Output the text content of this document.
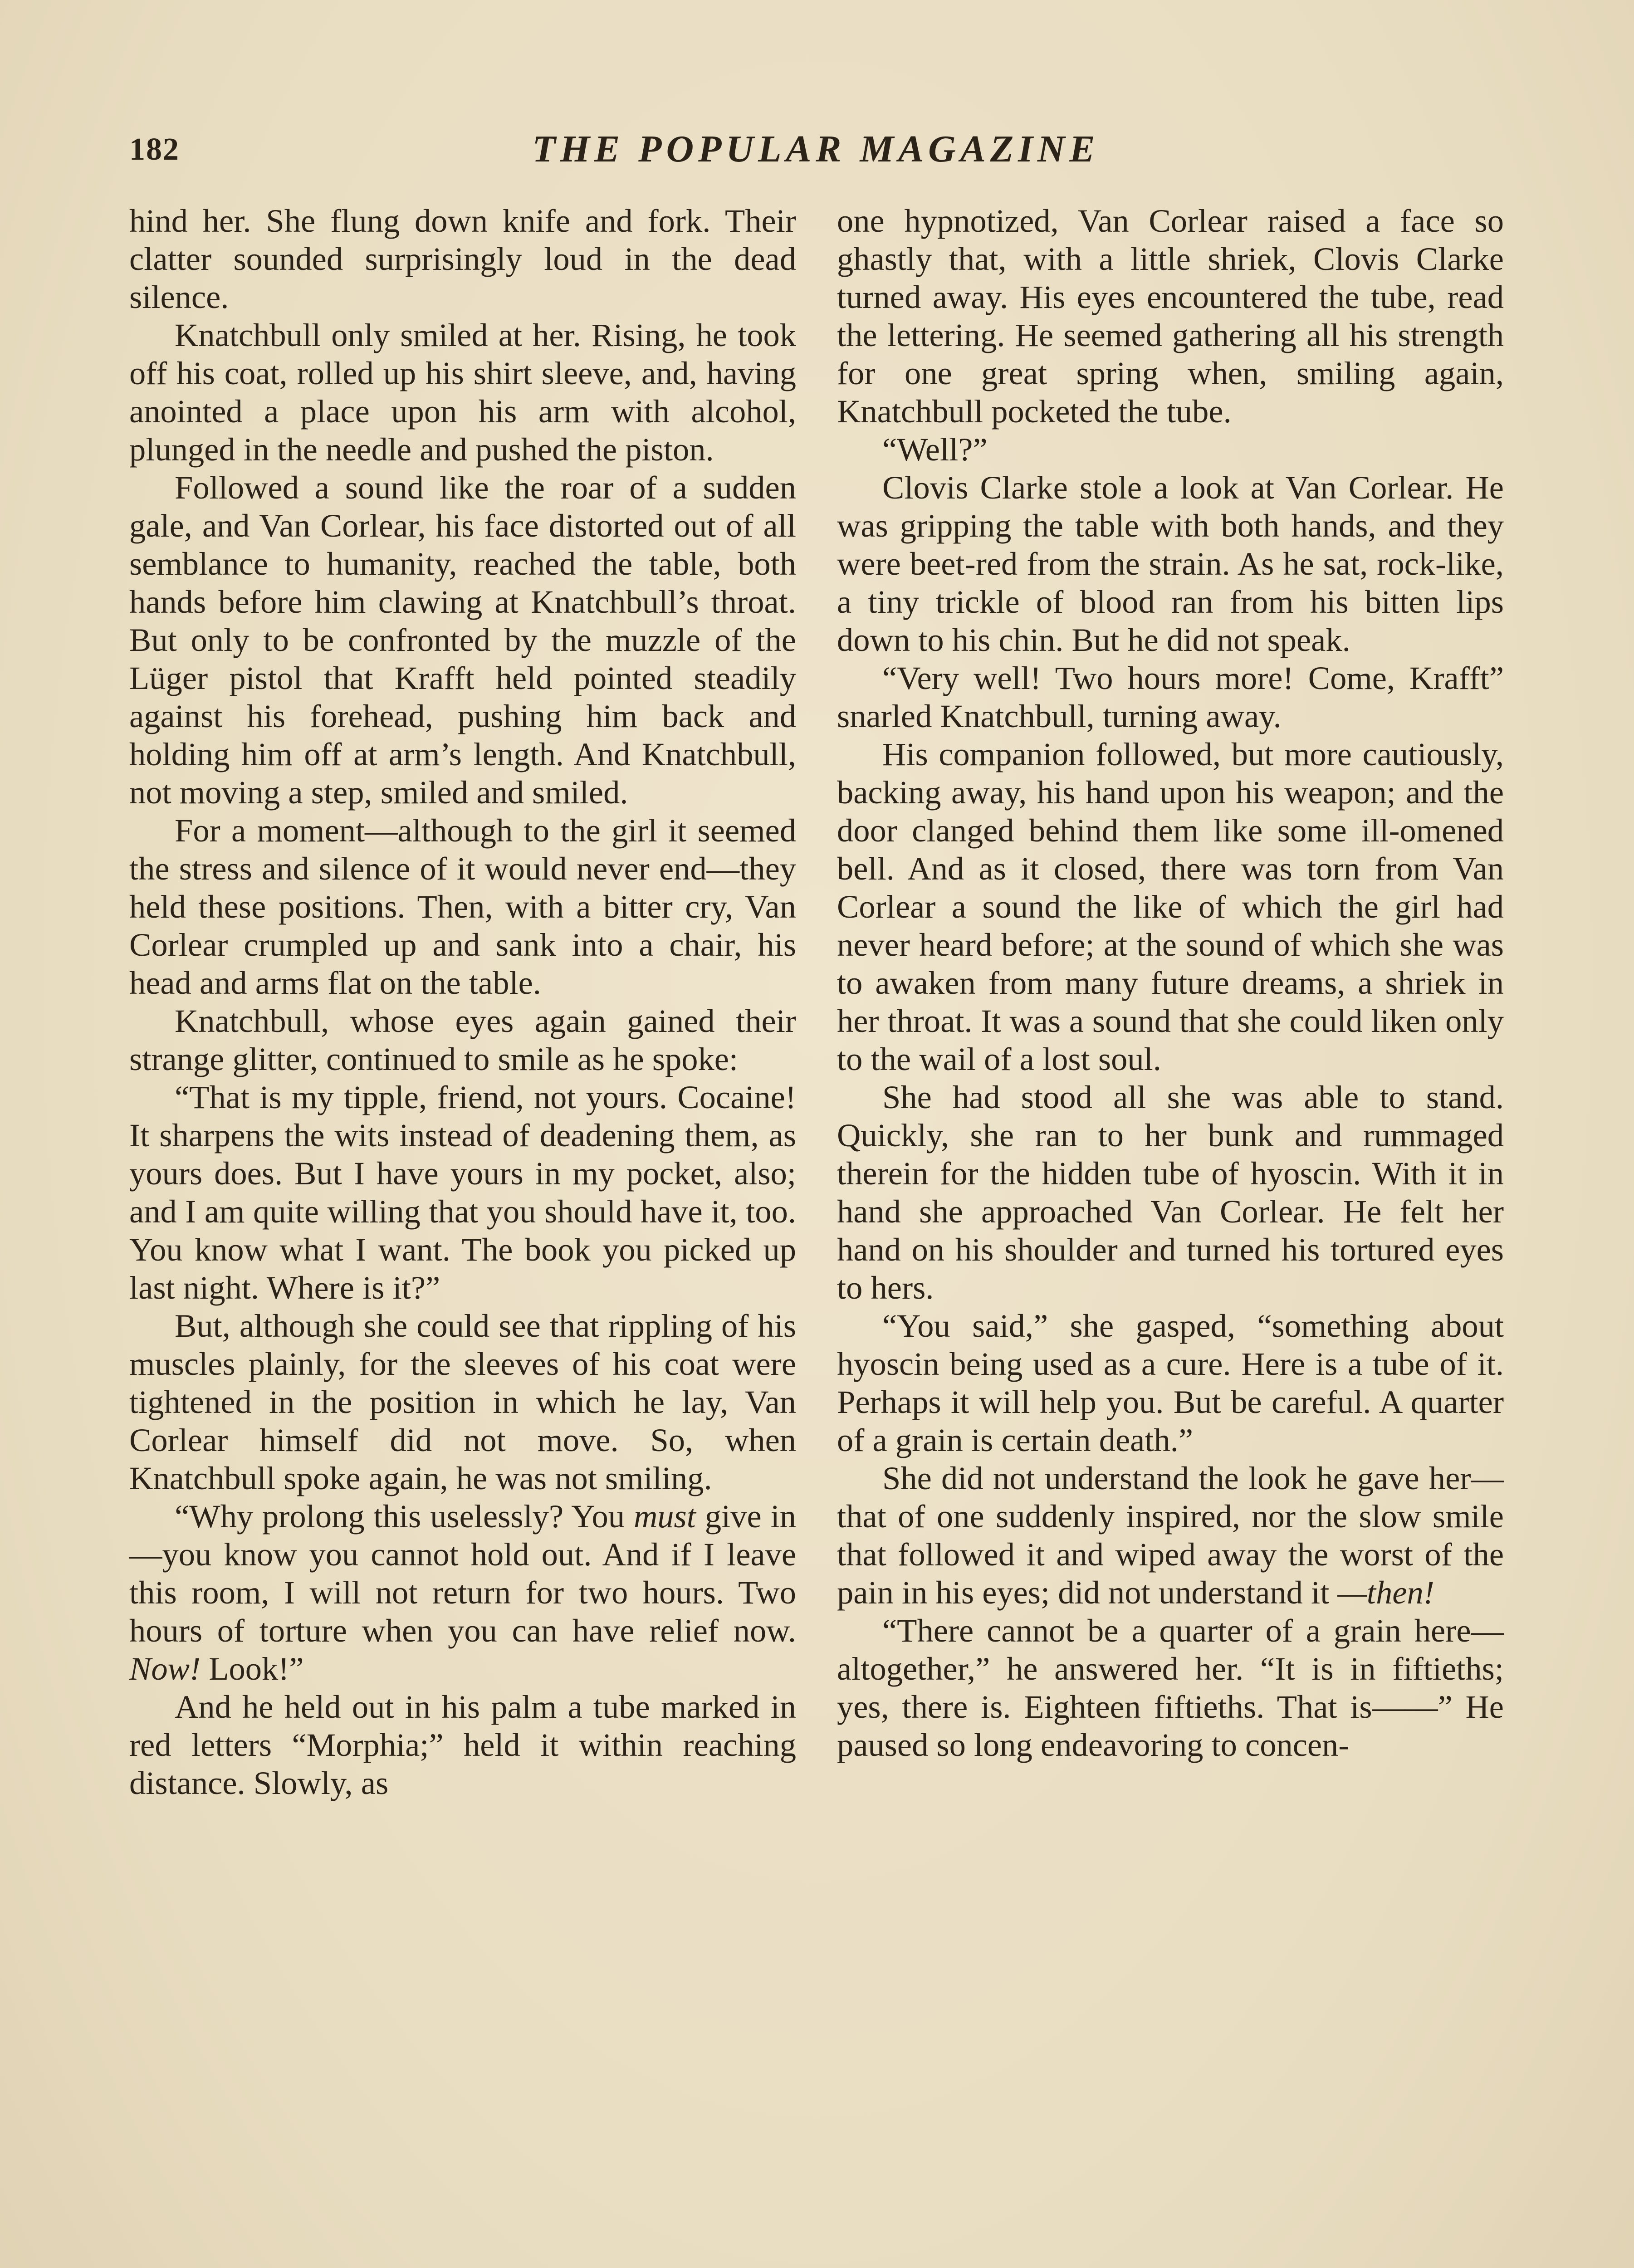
182	THE POPULAR MAGAZINE

hind her. She flung down knife and fork. Their clatter sounded surprisingly loud in the dead silence.

Knatchbull only smiled at her. Rising, he took off his coat, rolled up his shirt sleeve, and, having anointed a place upon his arm with alcohol, plunged in the needle and pushed the piston.

Followed a sound like the roar of a sudden gale, and Van Corlear, his face distorted out of all semblance to humanity, reached the table, both hands before him clawing at Knatchbull’s throat. But only to be confronted by the muzzle of the Lüger pistol that Krafft held pointed steadily against his forehead, pushing him back and holding him off at arm’s length. And Knatchbull, not moving a step, smiled and smiled.

For a moment—although to the girl it seemed the stress and silence of it would never end—they held these positions. Then, with a bitter cry, Van Corlear crumpled up and sank into a chair, his head and arms flat on the table.

Knatchbull, whose eyes again gained their strange glitter, continued to smile as he spoke:

“That is my tipple, friend, not yours. Cocaine! It sharpens the wits instead of deadening them, as yours does. But I have yours in my pocket, also; and I am quite willing that you should have it, too. You know what I want. The book you picked up last night. Where is it?”

But, although she could see that rippling of his muscles plainly, for the sleeves of his coat were tightened in the position in which he lay, Van Corlear himself did not move. So, when Knatchbull spoke again, he was not smiling.

“Why prolong this uselessly? You must give in—you know you cannot hold out. And if I leave this room, I will not return for two hours. Two hours of torture when you can have relief now. Now! Look!”

And he held out in his palm a tube marked in red letters “Morphia;” held it within reaching distance. Slowly, as

one hypnotized, Van Corlear raised a face so ghastly that, with a little shriek, Clovis Clarke turned away. His eyes encountered the tube, read the lettering. He seemed gathering all his strength for one great spring when, smiling again, Knatchbull pocketed the tube.

“Well?”

Clovis Clarke stole a look at Van Corlear. He was gripping the table with both hands, and they were beet-red from the strain. As he sat, rock-like, a tiny trickle of blood ran from his bitten lips down to his chin. But he did not speak.

“Very well! Two hours more! Come, Krafft” snarled Knatchbull, turning away.

His companion followed, but more cautiously, backing away, his hand upon his weapon; and the door clanged behind them like some ill-omened bell. And as it closed, there was torn from Van Corlear a sound the like of which the girl had never heard before; at the sound of which she was to awaken from many future dreams, a shriek in her throat. It was a sound that she could liken only to the wail of a lost soul.

She had stood all she was able to stand. Quickly, she ran to her bunk and rummaged therein for the hidden tube of hyoscin. With it in hand she approached Van Corlear. He felt her hand on his shoulder and turned his tortured eyes to hers.

“You said,” she gasped, “something about hyoscin being used as a cure. Here is a tube of it. Perhaps it will help you. But be careful. A quarter of a grain is certain death.”

She did not understand the look he gave her—that of one suddenly inspired, nor the slow smile that followed it and wiped away the worst of the pain in his eyes; did not understand it —then!

“There cannot be a quarter of a grain here—altogether,” he answered her. “It is in fiftieths; yes, there is. Eighteen fiftieths. That is——” He paused so long endeavoring to concen-
